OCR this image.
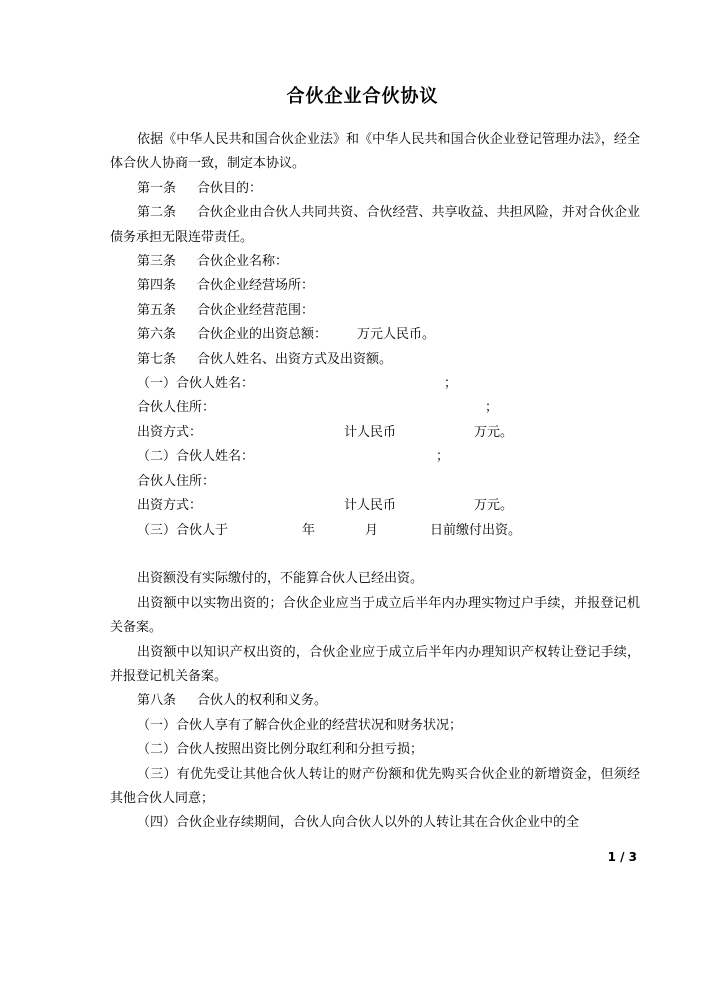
合伙企业合伙协议

依据《中华人民共和国合伙企业法》和《中华人民共和国合伙企业登记管理办法》，经全体合伙人协商一致，制定本协议。

第一条 合伙目的：

第二条 合伙企业由合伙人共同共资、合伙经营、共享收益、共担风险，并对合伙企业债务承担无限连带责任。

第三条 合伙企业名称：

第四条 合伙企业经营场所：

第五条 合伙企业经营范围：

第六条 合伙企业的出资总额： 万元人民币。

第七条 合伙人姓名、出资方式及出资额。

（一）合伙人姓名：	；

合伙人住所：	；

出资方式：	计人民币	万元。

（二）合伙人姓名：	；

合伙人住所：

出资方式：	计人民币	万元。

（三）合伙人于	年	月	日前缴付出资。

出资额没有实际缴付的，不能算合伙人已经出资。

出资额中以实物出资的；合伙企业应当于成立后半年内办理实物过户手续，并报登记机关备案。

出资额中以知识产权出资的，合伙企业应于成立后半年内办理知识产权转让登记手续，并报登记机关备案。

第八条 合伙人的权利和义务。

（一）合伙人享有了解合伙企业的经营状况和财务状况；

（二）合伙人按照出资比例分取红利和分担亏损；

（三）有优先受让其他合伙人转让的财产份额和优先购买合伙企业的新增资金，但须经其他合伙人同意；

（四）合伙企业存续期间，合伙人向合伙人以外的人转让其在合伙企业中的全

1 / 3
